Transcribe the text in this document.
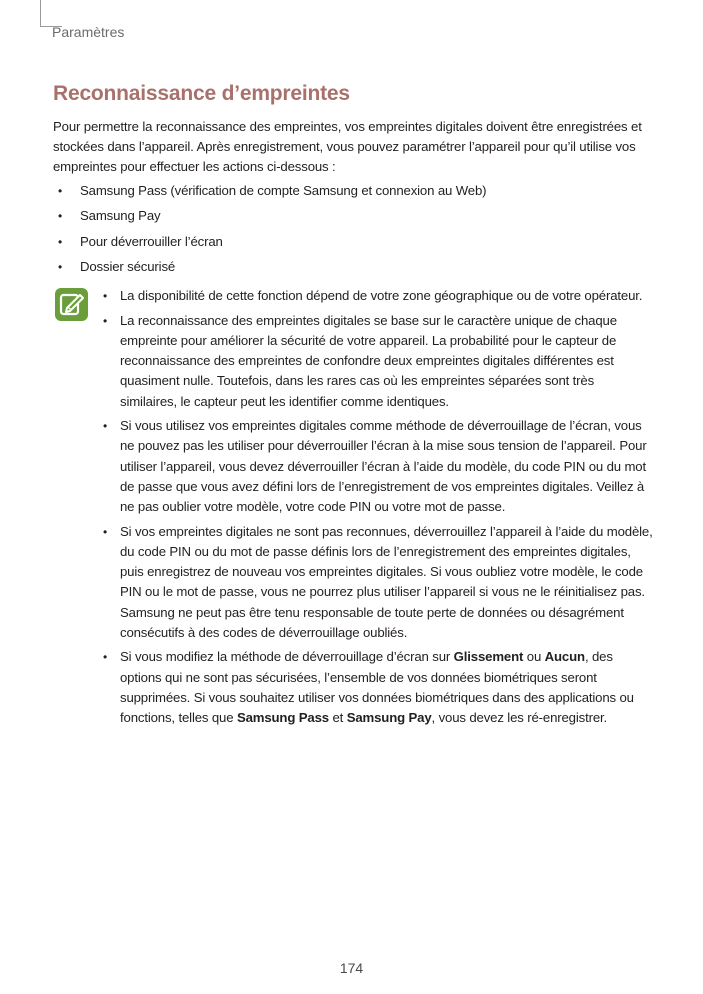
Paramètres
Reconnaissance d’empreintes

Pour permettre la reconnaissance des empreintes, vos empreintes digitales doivent être enregistrées et stockées dans l’appareil. Après enregistrement, vous pouvez paramétrer l’appareil pour qu’il utilise vos empreintes pour effectuer les actions ci-dessous :

• Samsung Pass (vérification de compte Samsung et connexion au Web)
• Samsung Pay
• Pour déverrouiller l’écran
• Dossier sécurisé
• La disponibilité de cette fonction dépend de votre zone géographique ou de votre opérateur.
• La reconnaissance des empreintes digitales se base sur le caractère unique de chaque empreinte pour améliorer la sécurité de votre appareil. La probabilité pour le capteur de reconnaissance des empreintes de confondre deux empreintes digitales différentes est quasiment nulle. Toutefois, dans les rares cas où les empreintes séparées sont très similaires, le capteur peut les identifier comme identiques.
• Si vous utilisez vos empreintes digitales comme méthode de déverrouillage de l’écran, vous ne pouvez pas les utiliser pour déverrouiller l’écran à la mise sous tension de l’appareil. Pour utiliser l’appareil, vous devez déverrouiller l’écran à l’aide du modèle, du code PIN ou du mot de passe que vous avez défini lors de l’enregistrement de vos empreintes digitales. Veillez à ne pas oublier votre modèle, votre code PIN ou votre mot de passe.
• Si vos empreintes digitales ne sont pas reconnues, déverrouillez l’appareil à l’aide du modèle, du code PIN ou du mot de passe définis lors de l’enregistrement des empreintes digitales, puis enregistrez de nouveau vos empreintes digitales. Si vous oubliez votre modèle, le code PIN ou le mot de passe, vous ne pourrez plus utiliser l’appareil si vous ne le réinitialisez pas. Samsung ne peut pas être tenu responsable de toute perte de données ou désagrément consécutifs à des codes de déverrouillage oubliés.
• Si vous modifiez la méthode de déverrouillage d’écran sur Glissement ou Aucun, des options qui ne sont pas sécurisées, l’ensemble de vos données biométriques seront supprimées. Si vous souhaitez utiliser vos données biométriques dans des applications ou fonctions, telles que Samsung Pass et Samsung Pay, vous devez les ré-enregistrer.
174
